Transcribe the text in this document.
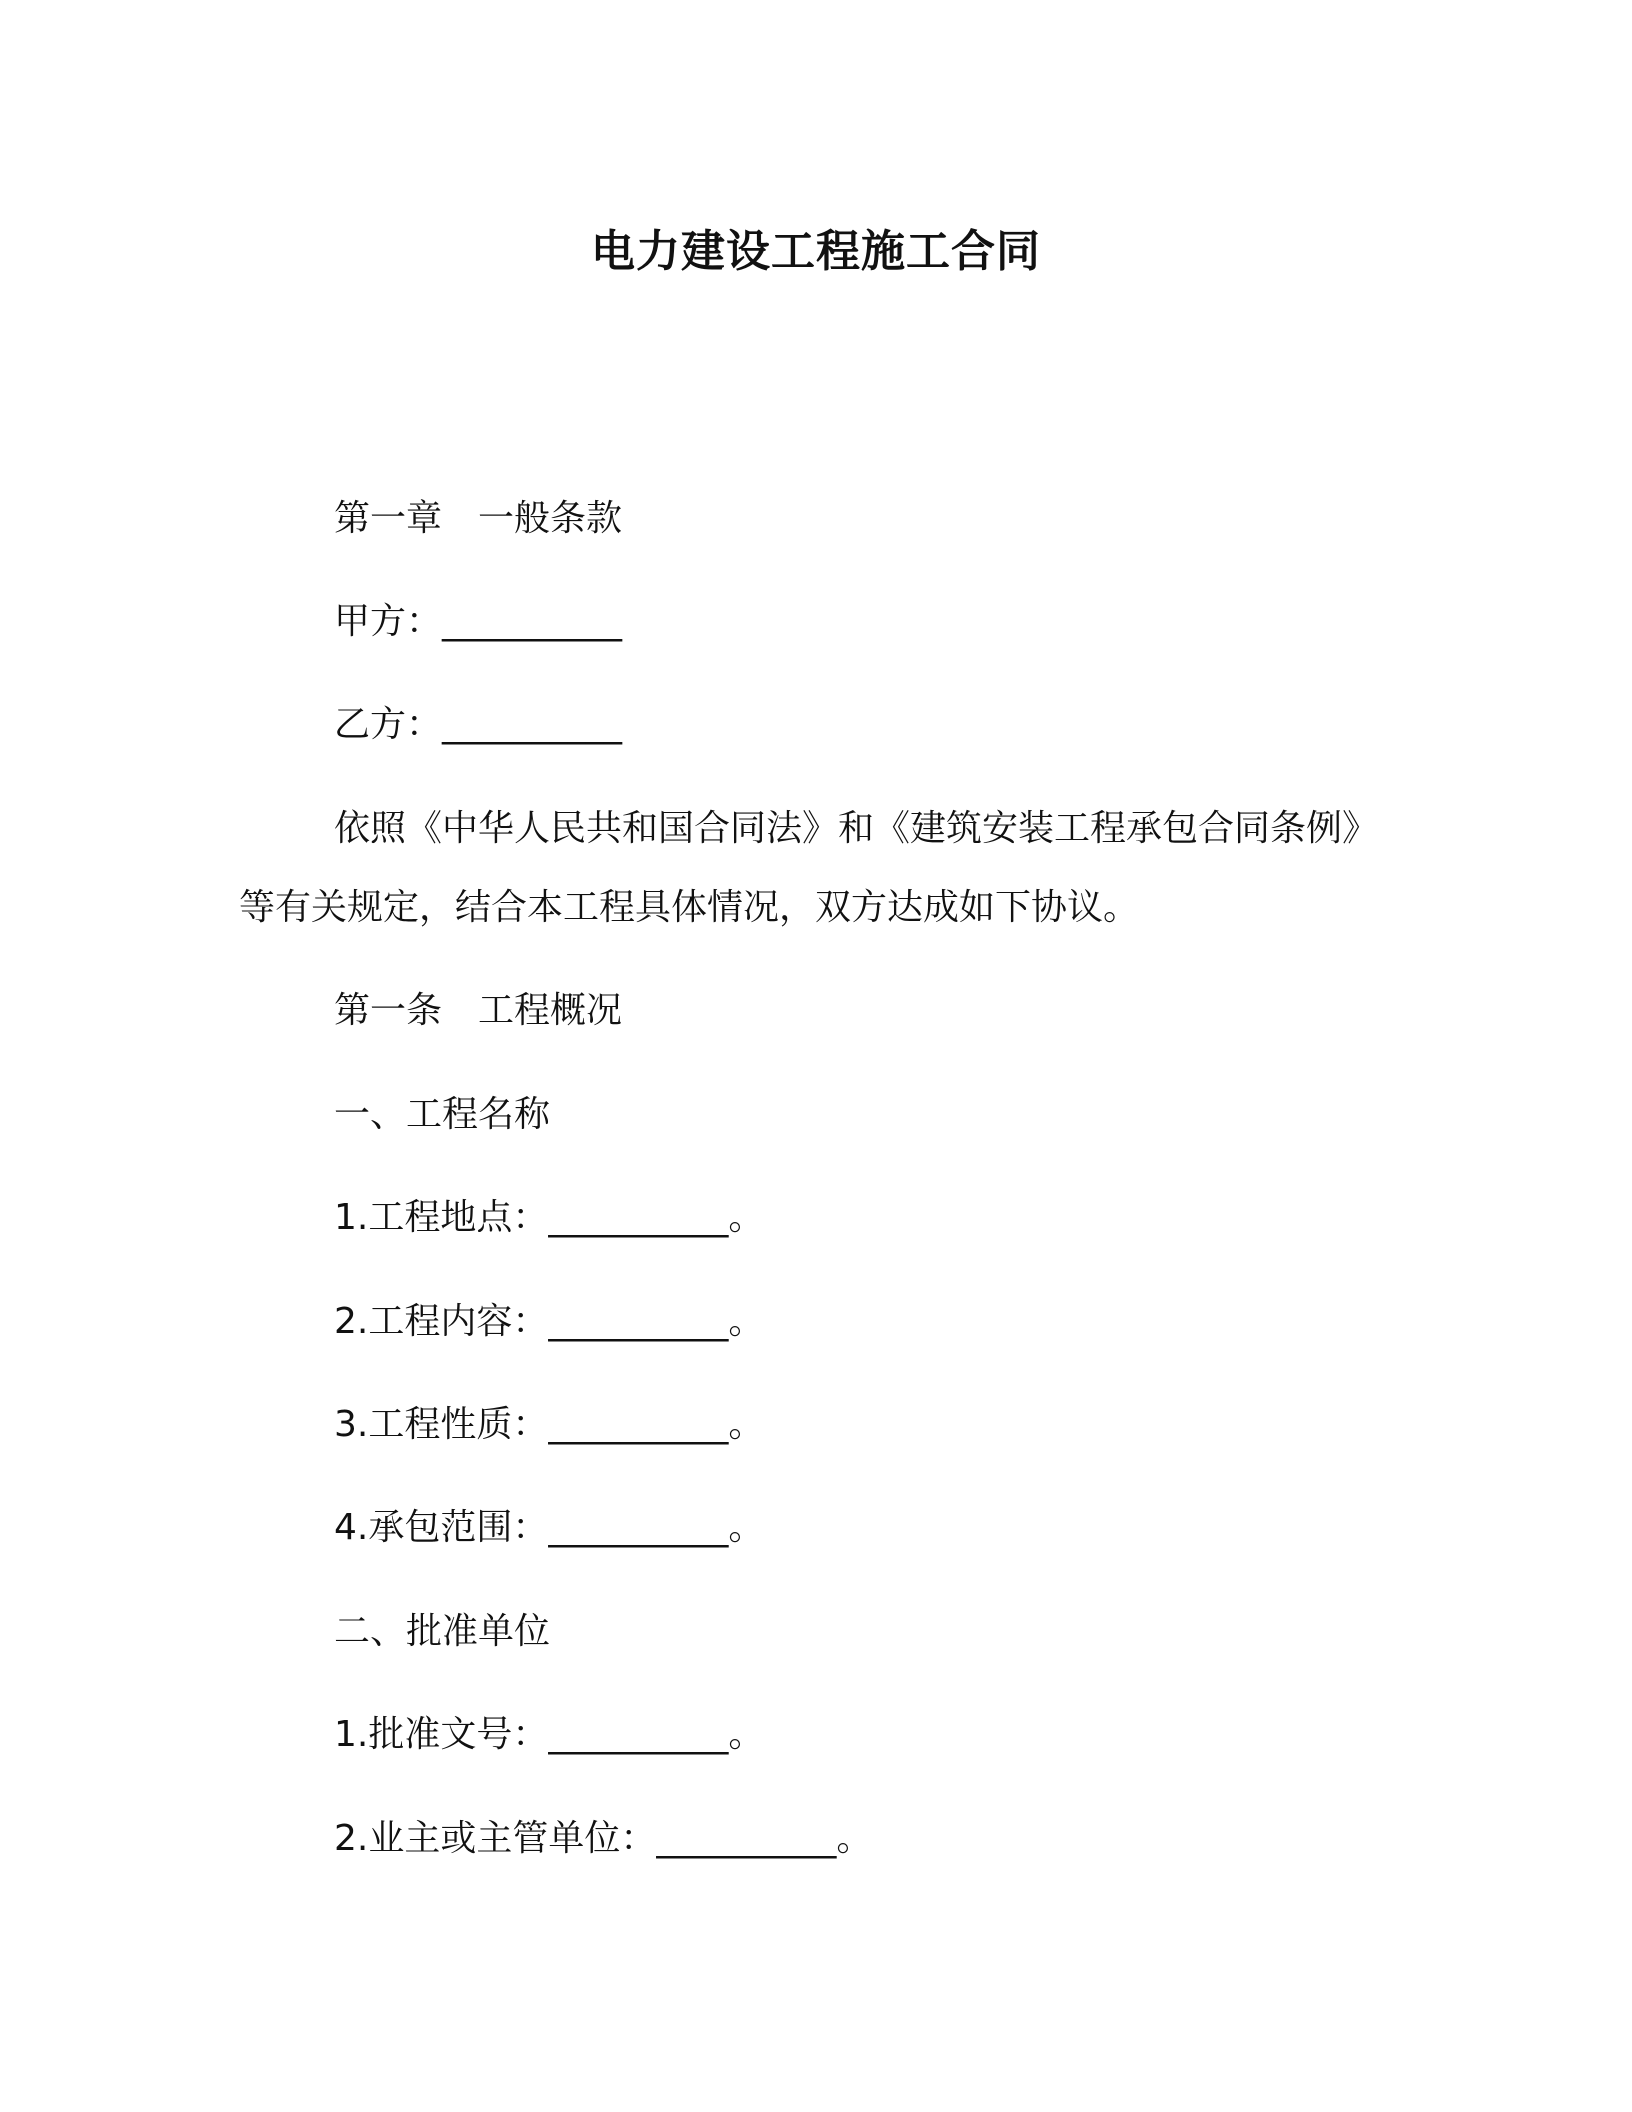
电力建设工程施工合同
第一章　一般条款
甲方：__________
乙方：__________
依照《中华人民共和国合同法》和《建筑安装工程承包合同条例》
等有关规定，结合本工程具体情况，双方达成如下协议。
第一条　工程概况
一、工程名称
1.工程地点：__________。
2.工程内容：__________。
3.工程性质：__________。
4.承包范围：__________。
二、批准单位
1.批准文号：__________。
2.业主或主管单位：__________。
